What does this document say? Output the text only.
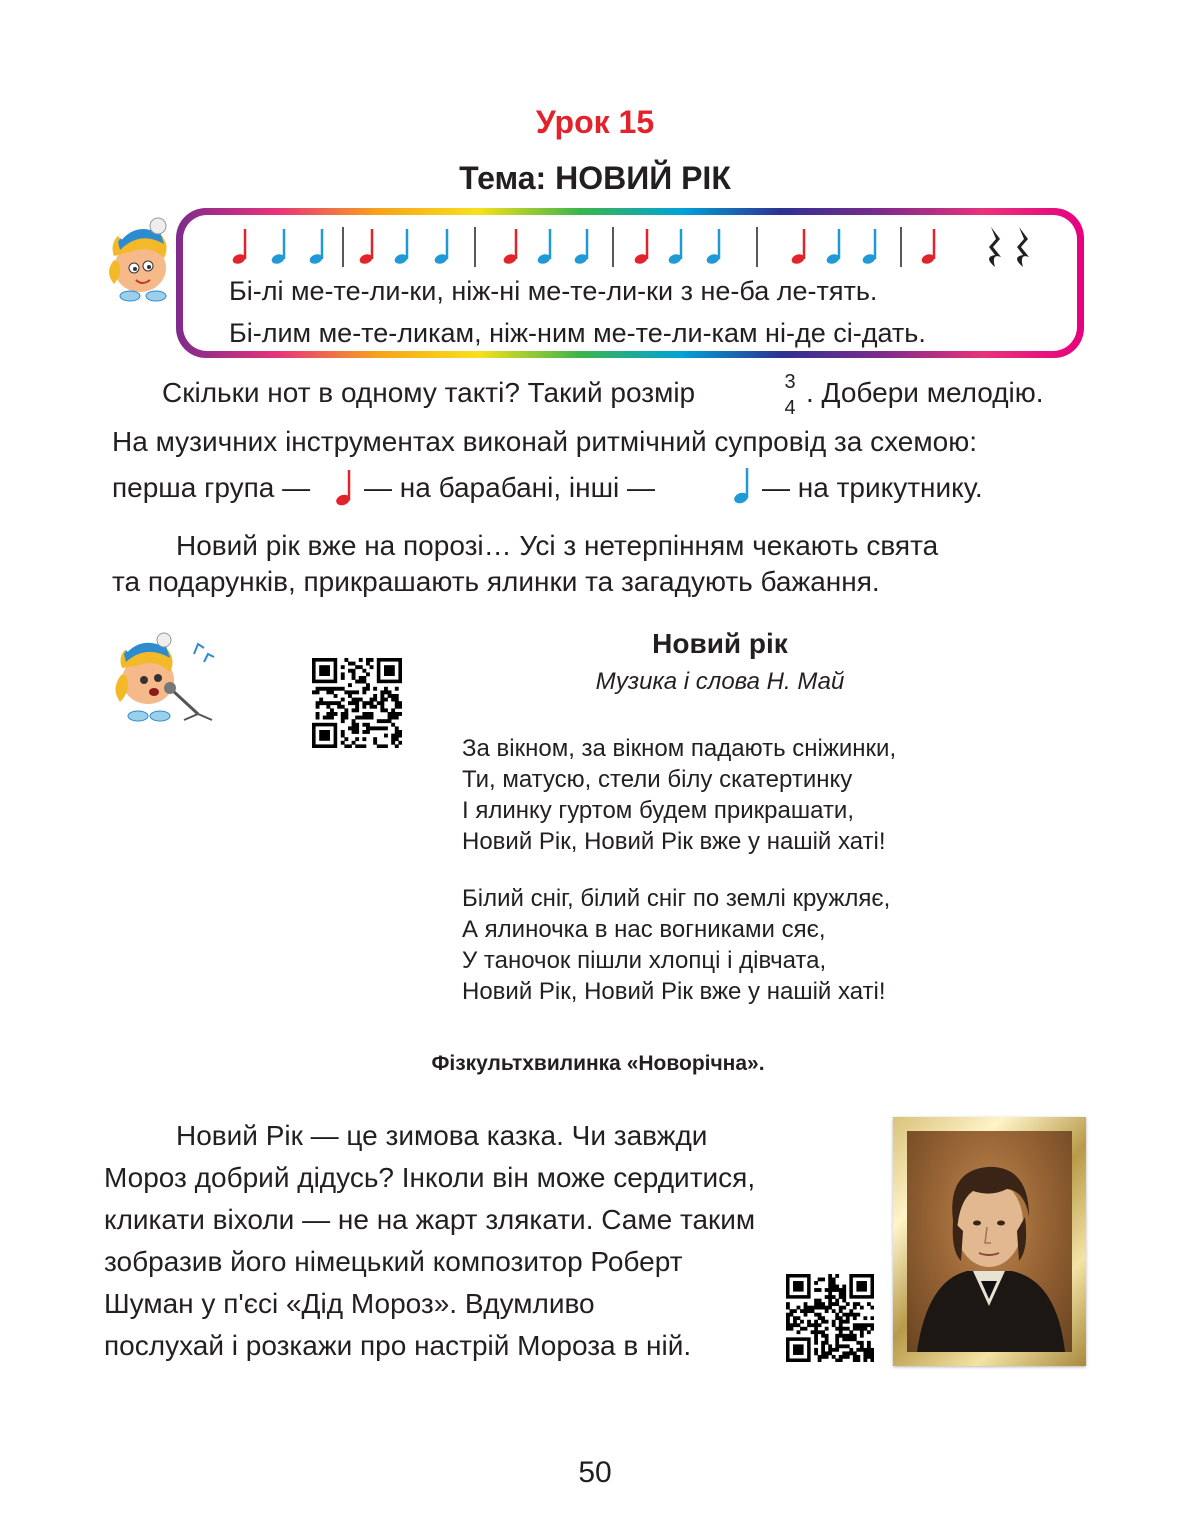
Урок 15
Тема: НОВИЙ РІК
Бі-лі ме-те-ли-ки, ніж-ні ме-те-ли-ки з не-ба ле-тять.
Бі-лим ме-те-ликам, ніж-ним ме-те-ли-кам ні-де сі-дать.
Скільки нот в одному такті? Такий розмір	3
4 . Добери мелодію.
На музичних інструментах виконай ритмічний супровід за схемою:
перша група — — на барабані, інші —	— на трикутнику.
Новий рік вже на порозі… Усі з нетерпінням чекають свята
та подарунків, прикрашають ялинки та загадують бажання.
Новий рік
Музика і слова Н. Май
За вікном, за вікном падають сніжинки,
Ти, матусю, стели білу скатертинку
І ялинку гуртом будем прикрашати,
Новий Рік, Новий Рік вже у нашій хаті!
Білий сніг, білий сніг по землі кружляє,
А ялиночка в нас вогниками сяє,
У таночок пішли хлопці і дівчата,
Новий Рік, Новий Рік вже у нашій хаті!
Фізкультхвилинка «Новорічна».
Новий Рік — це зимова казка. Чи завжди
Мороз добрий дідусь? Інколи він може сердитися,
кликати віхоли — не на жарт злякати. Саме таким
зобразив його німецький композитор Роберт
Шуман у п'єсі «Дід Мороз». Вдумливо
послухай і розкажи про настрій Мороза в ній.
50
